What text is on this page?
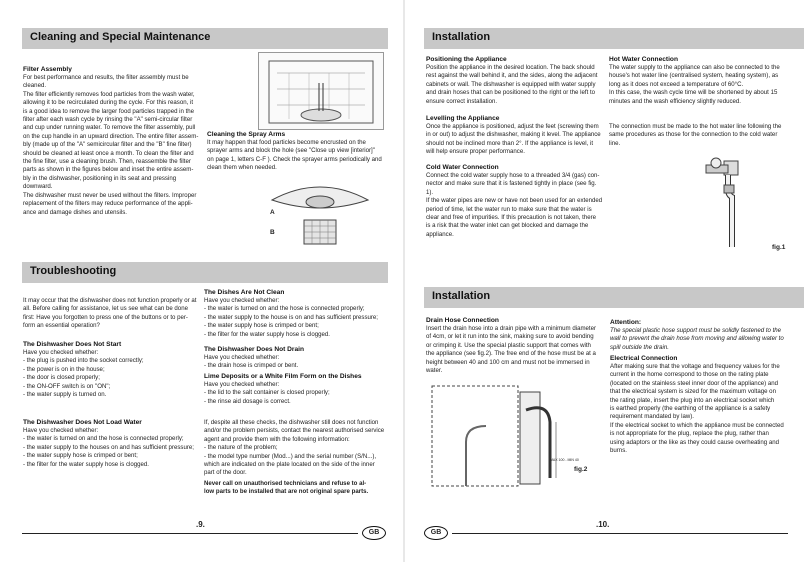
Cleaning and Special Maintenance

Filter Assembly

For best performance and results, the filter assembly must be

cleaned.

The filter efficiently removes food particles from the wash water,

allowing it to be recirculated during the cycle. For this reason, it

is a good idea to remove the larger food particles trapped in the

filter after each wash cycle by rinsing the "A" semi-circular filter

and cup under running water. To remove the filter assembly, pull

on the cup handle in an upward direction. The entire filter assem-

bly (made up of the "A" semicircular filter and the "B" fine filter)

should be cleaned at least once a month. To clean the filter and

the fine filter, use a cleaning brush. Then, reassemble the filter

parts as shown in the figures below and inset the entire assem-

bly in the dishwasher, positioning in its seat and pressing

downward.

The dishwasher must never be used without the filters. Improper

replacement of the filters may reduce performance of the appli-

ance and damage dishes and utensils.

Cleaning the Spray Arms

It may happen that food particles become encrusted on the

sprayer arms and block the hole (see "Close up view [interior]"

on page 1, letters C-F ). Check the sprayer arms periodically and

clean them when needed.

A
B
Troubleshooting

It may occur that the dishwasher does not function properly or at

all. Before calling for assistance, let us see what can be done

first: Have you forgotten to press one of the buttons or to per-

form an essential operation?

The Dishwasher Does Not Start

Have you checked whether:

- the plug is pushed into the socket correctly;

- the power is on in the house;

- the door is closed properly;

- the ON-OFF switch is on "ON";

- the water supply is turned on.

The Dishwasher Does Not Load Water

Have you checked whether:

- the water is turned on and the hose is connected properly;

- the water supply to the houses on and has sufficient pressure;

- the water supply hose is crimped or bent;

- the filter for the water supply hose is clogged.

The Dishes Are Not Clean

Have you checked whether:

- the water is turned on and the hose is connected properly;

- the water supply to the house is on and has sufficient pressure;

- the water supply hose is crimped or bent;

- the filter for the water supply hose is clogged.

The Dishwasher Does Not Drain

Have you checked whether:

- the drain hose is crimped or bent.

Lime Deposits or a White Film Form on the Dishes

Have you checked whether:

- the lid to the salt container is closed properly;

- the rinse aid dosage is correct.

If, despite all these checks, the dishwasher still does not function

and/or the problem persists, contact the nearest authorised service

agent and provide them with the following information:

- the nature of the problem;

- the model type number (Mod...) and the serial number (S/N...),

which are indicated on the plate located on the side of the inner

part of the door.

Never call on unauthorised technicians and refuse to al-

low parts to be installed that are not original spare parts.

.9.
GB
Installation

Positioning the Appliance

Position the appliance in the desired location. The back should

rest against the wall behind it, and the sides, along the adjacent

cabinets or wall. The dishwasher is equipped with water supply

and drain hoses that can be positioned to the right or the left to

ensure correct installation.

Levelling the Appliance

Once the appliance is positioned, adjust the feet (screwing them

in or out) to adjust the dishwasher, making it level. The appliance

should not be inclined more than 2°. If the appliance is level, it

will help ensure proper performance.

Cold Water Connection

Connect the cold water supply hose to a threaded 3/4 (gas) con-

nector and make sure that it is fastened tightly in place (see fig.

1).

If the water pipes are new or have not been used for an extended

period of time, let the water run to make sure that the water is

clear and free of impurities. If this precaution is not taken, there

is a risk that the water inlet can get blocked and damage the

appliance.

Hot Water Connection

The water supply to the appliance can also be connected to the

house's hot water line (centralised system, heating system), as

long as it does not exceed a temperature of 60°C.

In this case, the wash cycle time will be shortened by about 15

minutes and the wash efficiency slightly reduced.

The connection must be made to the hot water line following the

same procedures as those for the connection to the cold water

line.

fig.1
Installation

Drain Hose Connection

Insert the drain hose into a drain pipe with a minimum diameter

of 4cm, or let it run into the sink, making sure to avoid bending

or crimping it. Use the special plastic support that comes with

the appliance (see fig.2). The free end of the hose must be at a

height between 40 and 100 cm and must not be immersed in

water.

MAX 100 - MIN 40
fig.2

Attention:

The special plastic hose support must be solidly fastened to the

wall to prevent the drain hose from moving and allowing water to

spill outside the drain.

Electrical Connection

After making sure that the voltage and frequency values for the

current in the home correspond to those on the rating plate

(located on the stainless steel inner door of the appliance) and

that the electrical system is sized for the maximum voltage on

the rating plate, insert the plug into an electrical socket which

is earthed properly (the earthing of the appliance is a safety

requirement mandated by law).

If the electrical socket to which the appliance must be connected

is not appropriate for the plug, replace the plug, rather than

using adaptors or the like as they could cause overheating and

burns.

GB
.10.
